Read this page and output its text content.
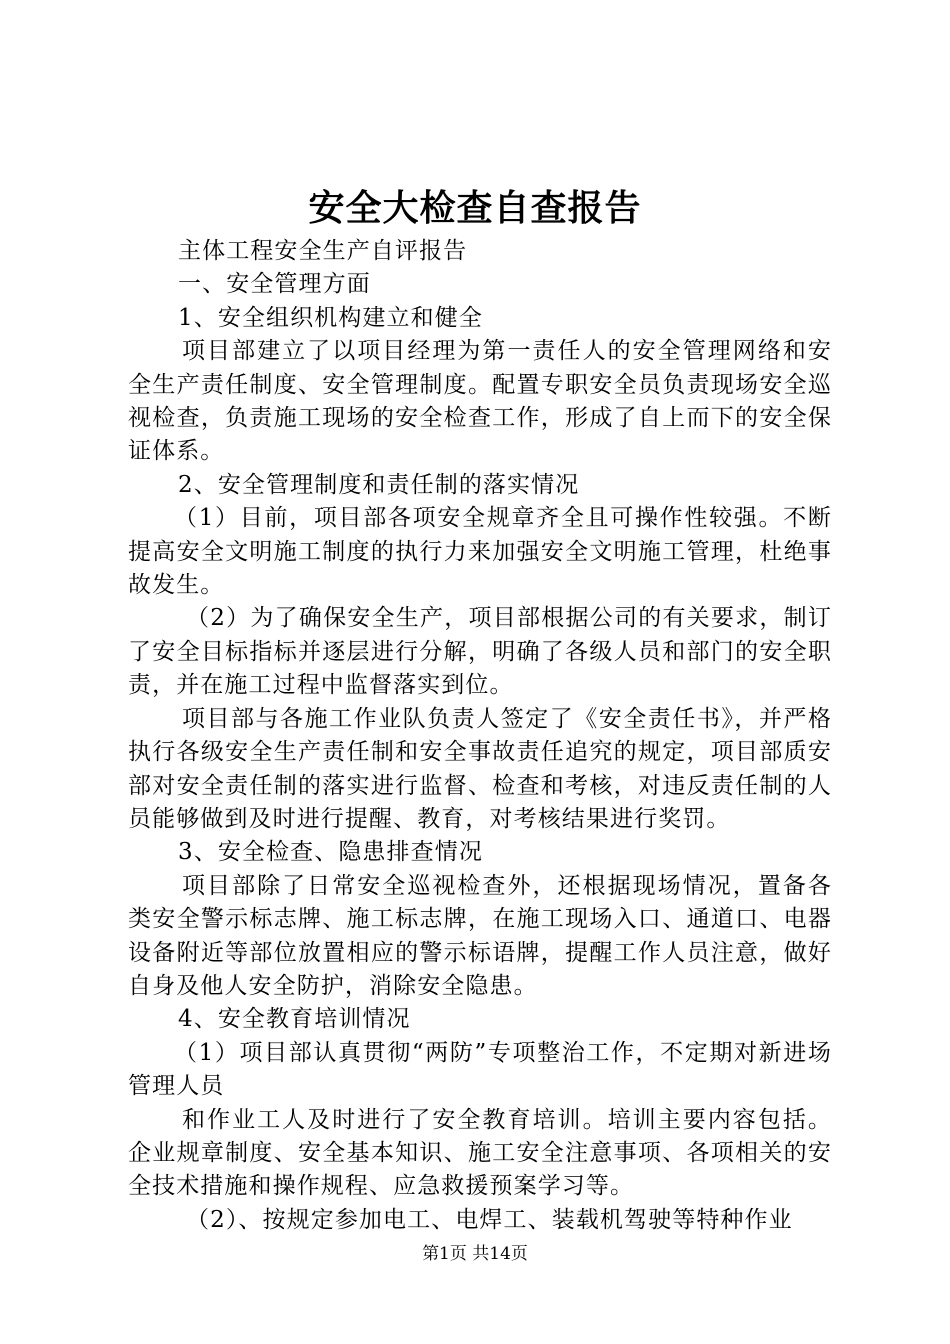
安全大检查自查报告

主体工程安全生产自评报告

一、安全管理方面

1、安全组织机构建立和健全

项目部建立了以项目经理为第一责任人的安全管理网络和安全生产责任制度、安全管理制度。配置专职安全员负责现场安全巡视检查，负责施工现场的安全检查工作，形成了自上而下的安全保证体系。

2、安全管理制度和责任制的落实情况

（1）目前，项目部各项安全规章齐全且可操作性较强。不断提高安全文明施工制度的执行力来加强安全文明施工管理，杜绝事故发生。

（2）为了确保安全生产，项目部根据公司的有关要求，制订了安全目标指标并逐层进行分解，明确了各级人员和部门的安全职责，并在施工过程中监督落实到位。

项目部与各施工作业队负责人签定了《安全责任书》，并严格执行各级安全生产责任制和安全事故责任追究的规定，项目部质安部对安全责任制的落实进行监督、检查和考核，对违反责任制的人员能够做到及时进行提醒、教育，对考核结果进行奖罚。

3、安全检查、隐患排查情况

项目部除了日常安全巡视检查外，还根据现场情况，置备各类安全警示标志牌、施工标志牌，在施工现场入口、通道口、电器设备附近等部位放置相应的警示标语牌，提醒工作人员注意，做好自身及他人安全防护，消除安全隐患。

4、安全教育培训情况

（1）项目部认真贯彻“两防”专项整治工作，不定期对新进场管理人员

和作业工人及时进行了安全教育培训。培训主要内容包括。企业规章制度、安全基本知识、施工安全注意事项、各项相关的安全技术措施和操作规程、应急救援预案学习等。

（2）、按规定参加电工、电焊工、装载机驾驶等特种作业

第1页 共14页
